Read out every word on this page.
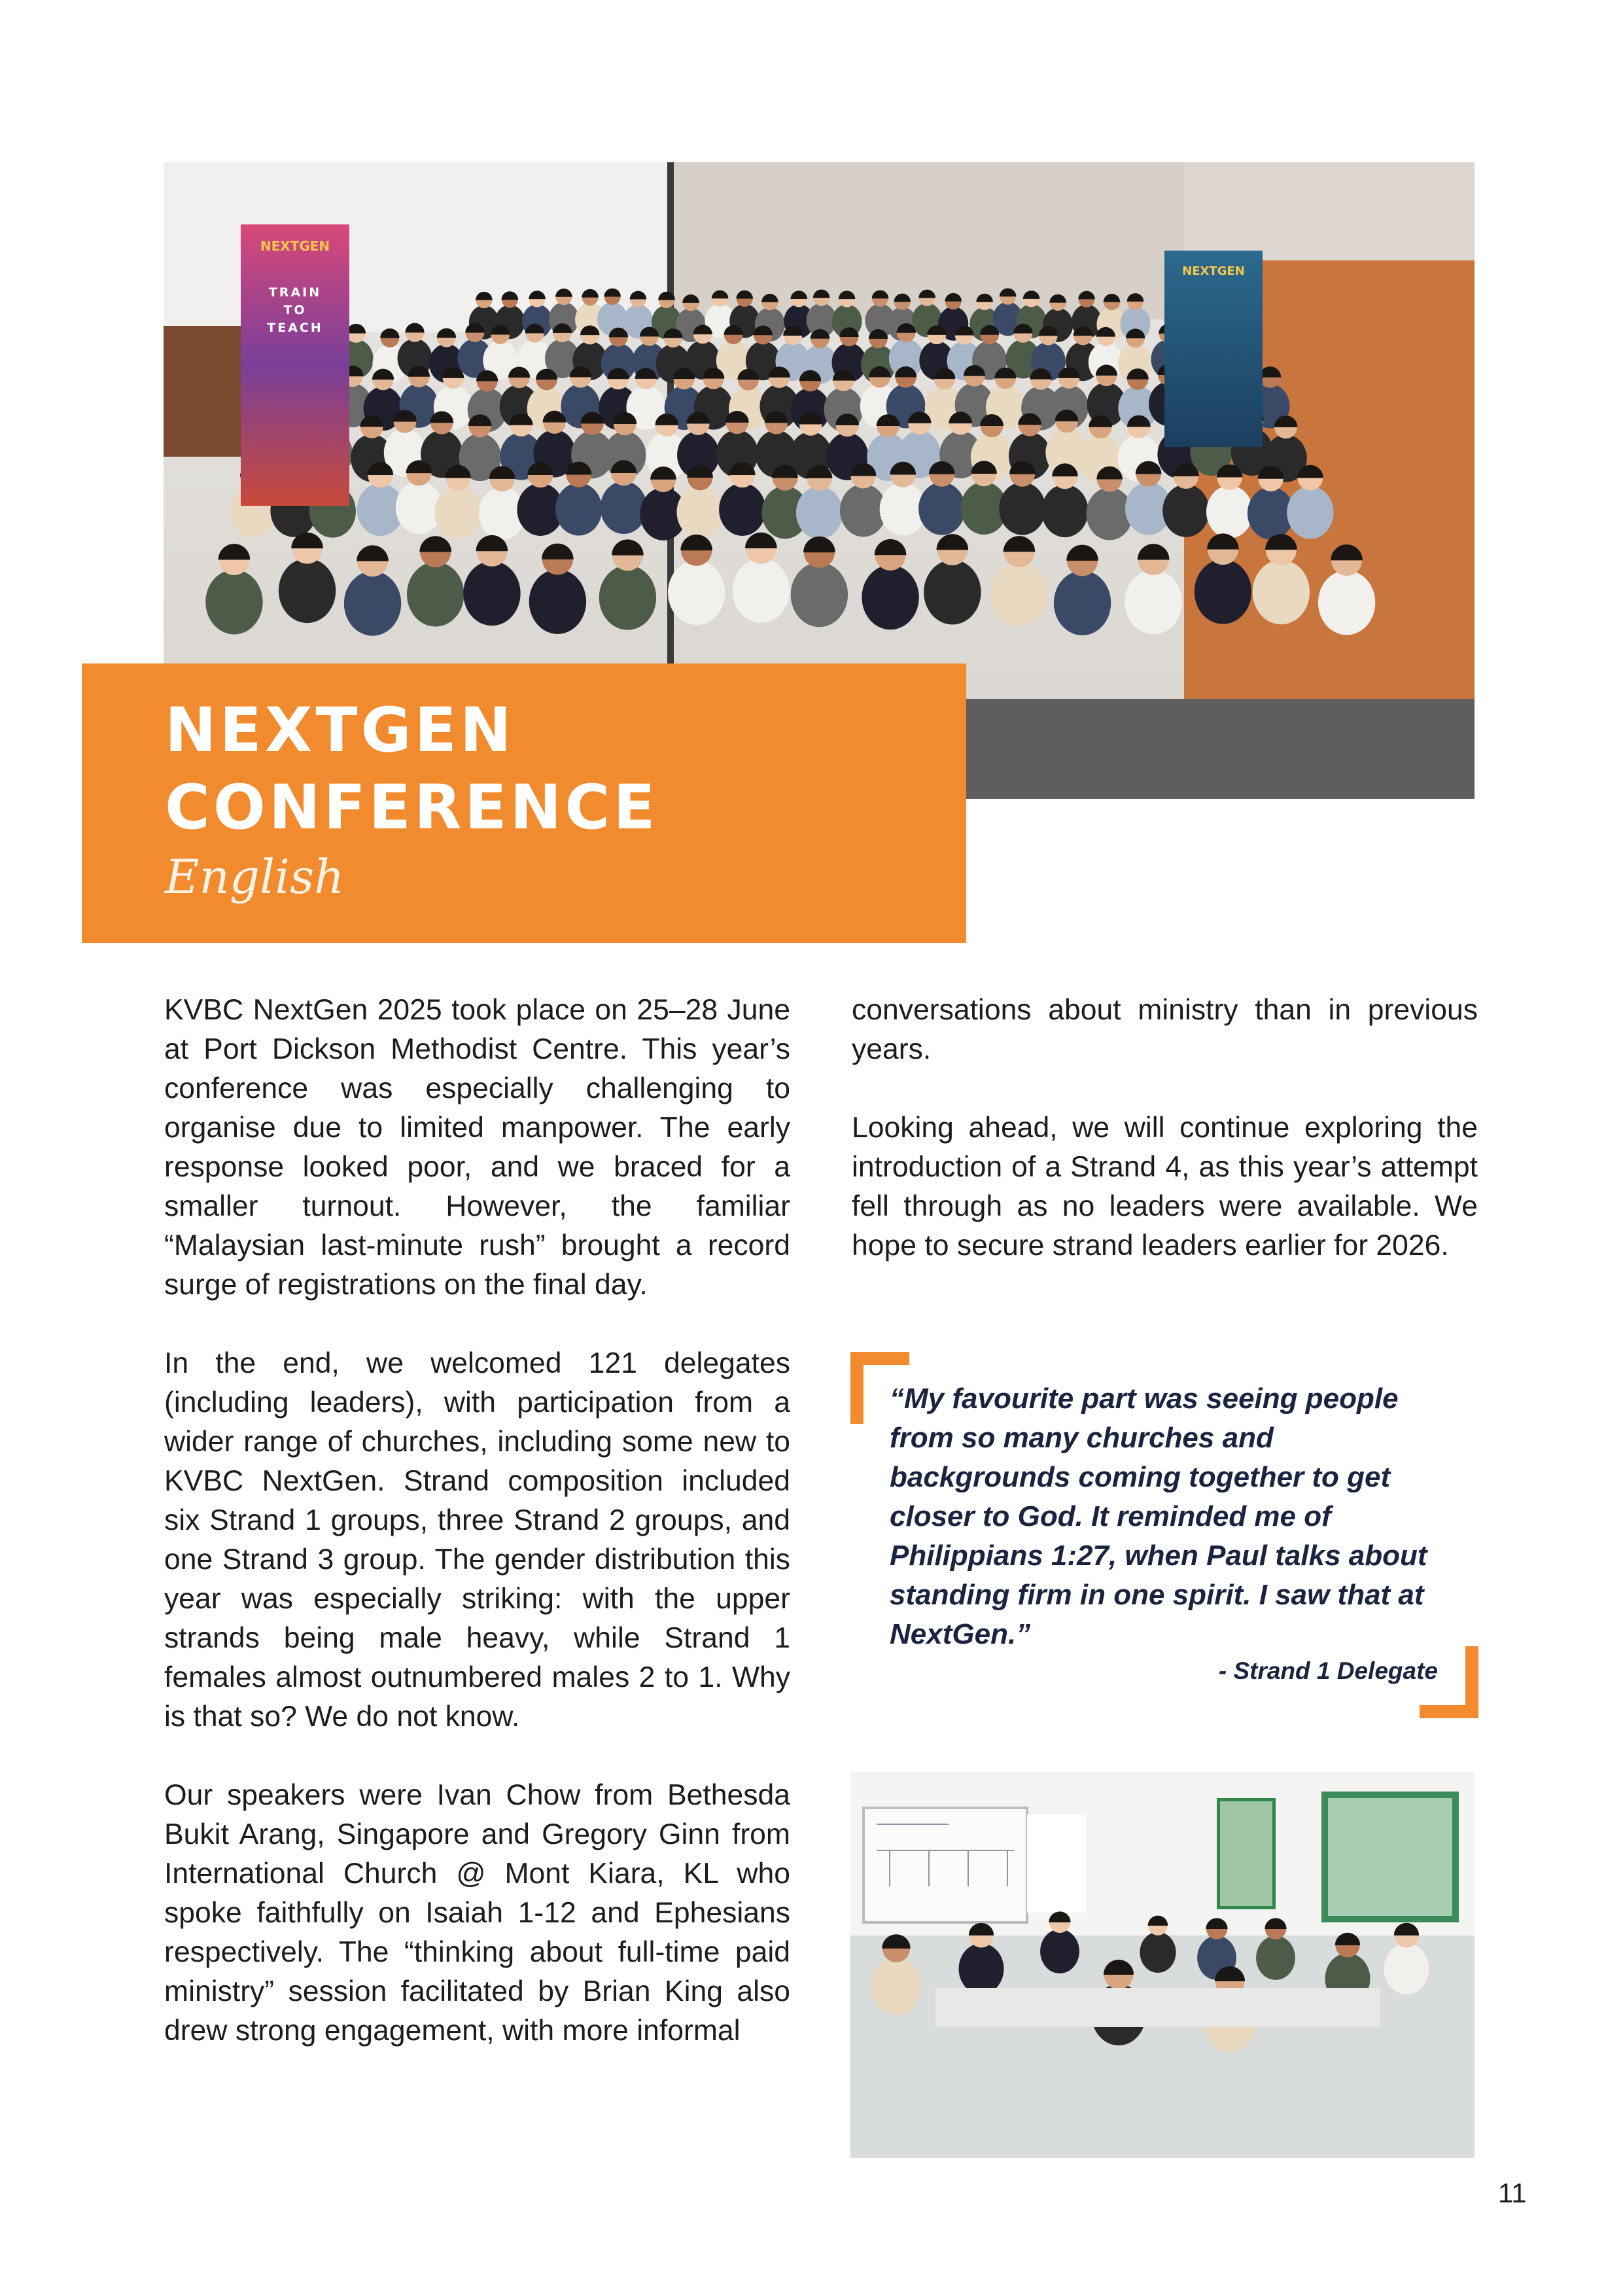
NEXTGEN
TRAIN
TO
TEACH
NEXTGEN
NEXTGEN
CONFERENCE

English

KVBC NextGen 2025 took place on 25–28 June at Port Dickson Methodist Centre. This year’s conference was especially challenging to organise due to limited manpower. The early response looked poor, and we braced for a smaller turnout. However, the familiar “Malaysian last-minute rush” brought a record surge of registrations on the final day.

In the end, we welcomed 121 delegates (including leaders), with participation from a wider range of churches, including some new to KVBC NextGen. Strand composition included six Strand 1 groups, three Strand 2 groups, and one Strand 3 group. The gender distribution this year was especially striking: with the upper strands being male heavy, while Strand 1 females almost outnumbered males 2 to 1. Why is that so? We do not know.

Our speakers were Ivan Chow from Bethesda Bukit Arang, Singapore and Gregory Ginn from International Church @ Mont Kiara, KL who spoke faithfully on Isaiah 1-12 and Ephesians respectively. The “thinking about full-time paid ministry” session facilitated by Brian King also drew strong engagement, with more informal

conversations about ministry than in previous years.

Looking ahead, we will continue exploring the introduction of a Strand 4, as this year’s attempt fell through as no leaders were available. We hope to secure strand leaders earlier for 2026.

“My favourite part was seeing people from so many churches and backgrounds coming together to get closer to God. It reminded me of Philippians 1:27, when Paul talks about standing firm in one spirit. I saw that at NextGen.”

- Strand 1 Delegate

11
